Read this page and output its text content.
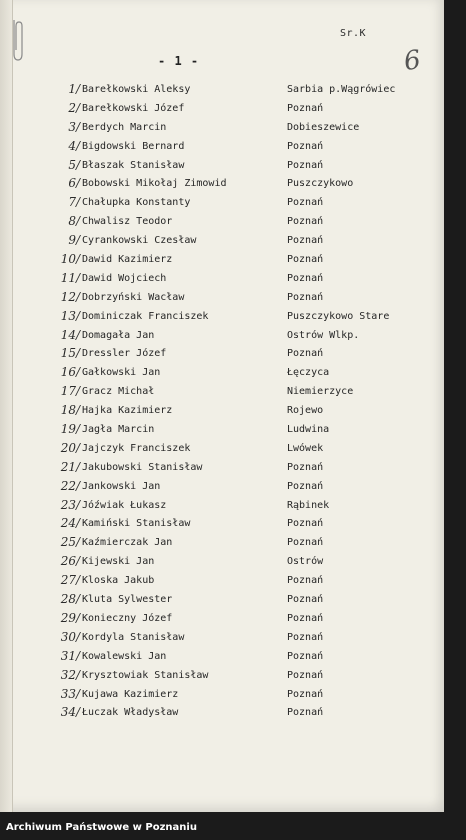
Sr.K
6
- 1 -
1/ Barełkowski Aleksy	Sarbia p.Wągrówiec
2/ Barełkowski Józef	Poznań
3/ Berdych Marcin	Dobieszewice
4/ Bigdowski Bernard	Poznań
5/ Błaszak Stanisław	Poznań
6/ Bobowski Mikołaj Zimowid	Puszczykowo
7/ Chałupka Konstanty	Poznań
8/ Chwalisz Teodor	Poznań
9/ Cyrankowski Czesław	Poznań
10/ Dawid Kazimierz	Poznań
11/ Dawid Wojciech	Poznań
12/ Dobrzyński Wacław	Poznań
13/ Dominiczak Franciszek	Puszczykowo Stare
14/ Domagała Jan	Ostrów Wlkp.
15/ Dressler Józef	Poznań
16/ Gałkowski Jan	Łęczyca
17/ Gracz Michał	Niemierzyce
18/ Hajka Kazimierz	Rojewo
19/ Jagła Marcin	Ludwina
20/ Jajczyk Franciszek	Lwówek
21/ Jakubowski Stanisław	Poznań
22/ Jankowski Jan	Poznań
23/ Jóźwiak Łukasz	Rąbinek
24/ Kamiński Stanisław	Poznań
25/ Kaźmierczak Jan	Poznań
26/ Kijewski Jan	Ostrów
27/ Kloska Jakub	Poznań
28/ Kluta Sylwester	Poznań
29/ Konieczny Józef	Poznań
30/ Kordyla Stanisław	Poznań
31/ Kowalewski Jan	Poznań
32/ Krysztowiak Stanisław	Poznań
33/ Kujawa Kazimierz	Poznań
34/ Łuczak Władysław	Poznań
Archiwum Państwowe w Poznaniu
